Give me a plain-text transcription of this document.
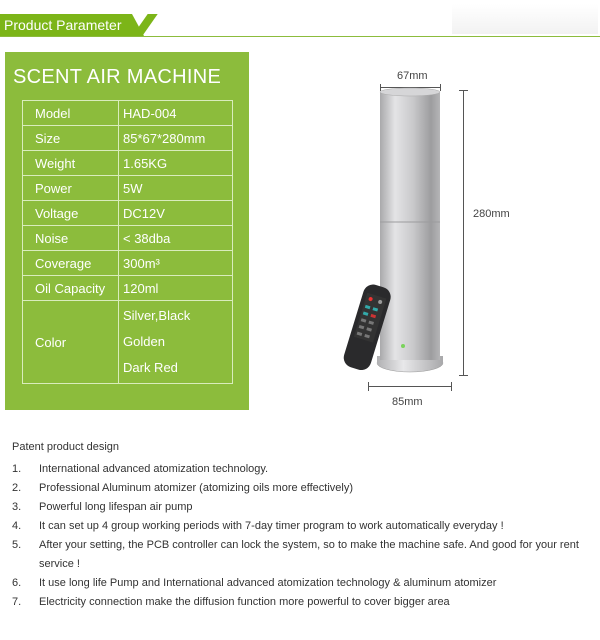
Product Parameter
SCENT AIR MACHINE
Model	HAD-004
Size	85*67*280mm
Weight	1.65KG
Power	5W
Voltage	DC12V
Noise	< 38dba
Coverage	300m³
Oil Capacity	120ml
Color	Silver,Black
Golden
Dark Red
67mm
280mm
85mm
Patent product design
1. International advanced atomization technology.
2. Professional Aluminum atomizer (atomizing oils more effectively)
3. Powerful long lifespan air pump
4. It can set up 4 group working periods with 7-day timer program to work automatically everyday !
5. After your setting, the PCB controller can lock the system, so to make the machine safe. And good for your rent service !
6. It use long life Pump and International advanced atomization technology & aluminum atomizer
7. Electricity connection make the diffusion function more powerful to cover bigger area
